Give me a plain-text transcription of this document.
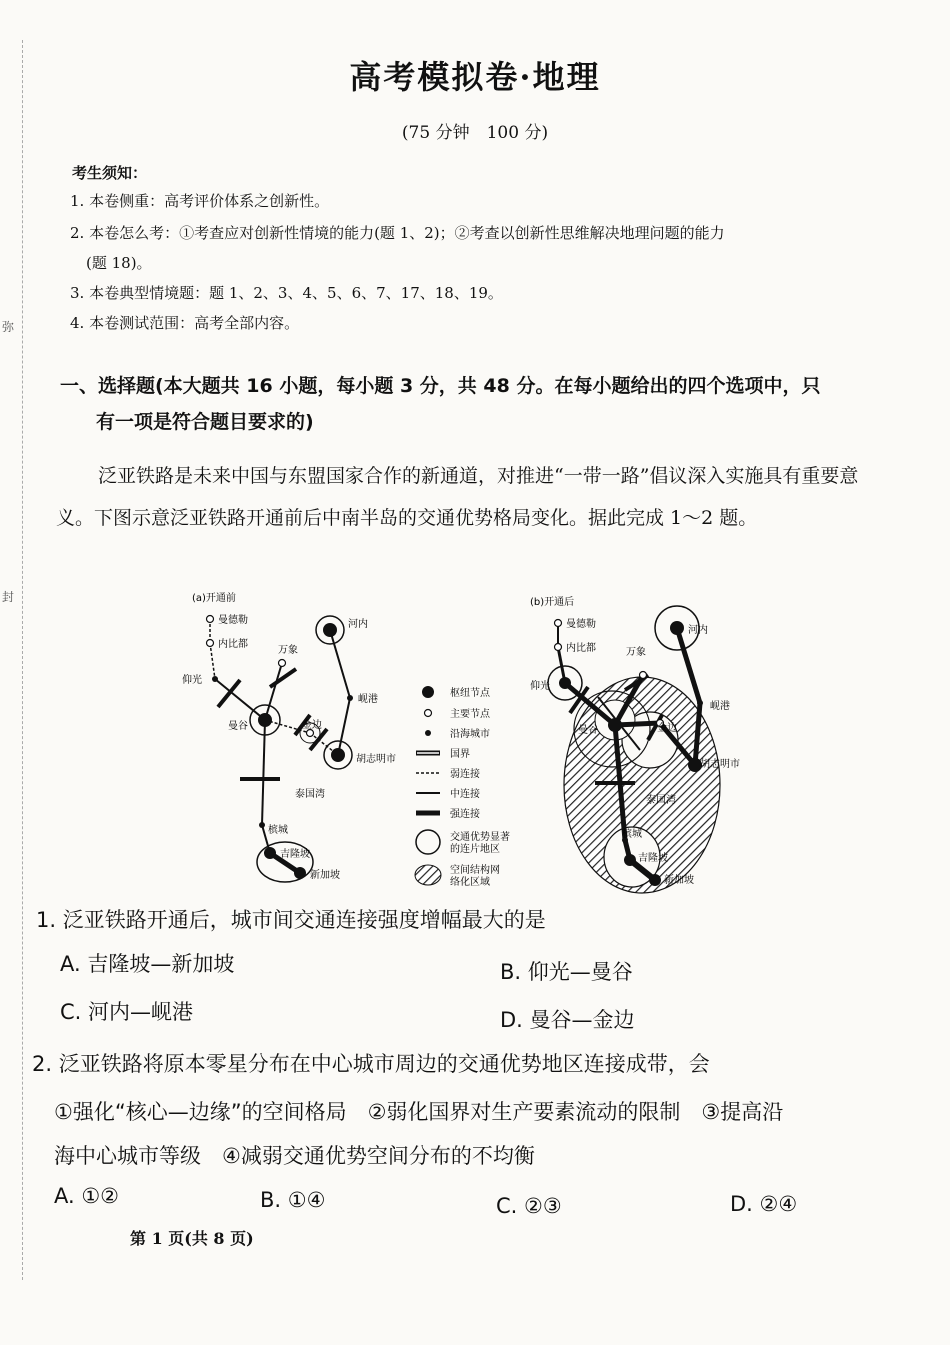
弥
封
高考模拟卷·地理
(75 分钟　100 分)
考生须知：
1. 本卷侧重：高考评价体系之创新性。
2. 本卷怎么考：①考查应对创新性情境的能力(题 1、2)；②考查以创新性思维解决地理问题的能力
(题 18)。
3. 本卷典型情境题：题 1、2、3、4、5、6、7、17、18、19。
4. 本卷测试范围：高考全部内容。
一、选择题(本大题共 16 小题，每小题 3 分，共 48 分。在每小题给出的四个选项中，只
有一项是符合题目要求的)
泛亚铁路是未来中国与东盟国家合作的新通道，对推进“一带一路”倡议深入实施具有重要意义。下图示意泛亚铁路开通前后中南半岛的交通优势格局变化。据此完成 1～2 题。
(a)开通前
曼德勒
内比都
仰光
万象
河内
岘港
曼谷	金边
胡志明市
泰国湾
槟城
吉隆坡
新加坡
枢纽节点
主要节点
沿海城市
国界
弱连接
中连接
强连接
交通优势显著
的连片地区
空间结构网
络化区域
(b)开通后
曼德勒
内比都
仰光
万象
河内
岘港
曼谷	金边
胡志明市
泰国湾
槟城
吉隆坡
新加坡
1. 泛亚铁路开通后，城市间交通连接强度增幅最大的是
A. 吉隆坡—新加坡	B. 仰光—曼谷
C. 河内—岘港	D. 曼谷—金边
2. 泛亚铁路将原本零星分布在中心城市周边的交通优势地区连接成带，会
①强化“核心—边缘”的空间格局　②弱化国界对生产要素流动的限制　③提高沿
海中心城市等级　④减弱交通优势空间分布的不均衡
A. ①②	B. ①④	C. ②③	D. ②④
第 1 页(共 8 页)
